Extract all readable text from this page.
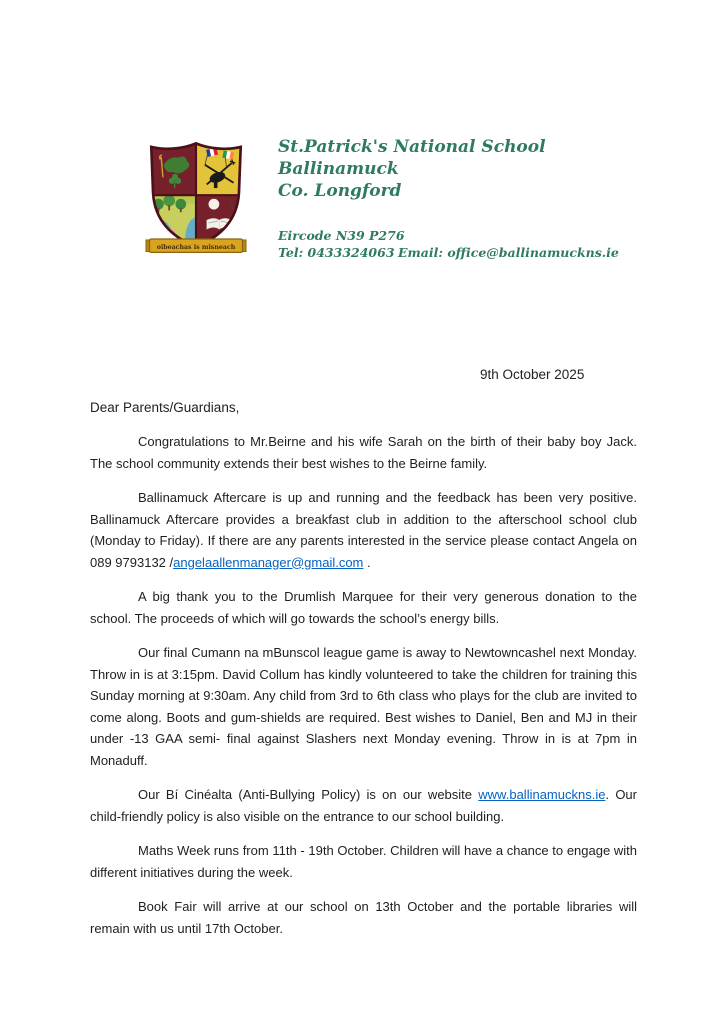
oibeachas is misneach
St.Patrick's National School
Ballinamuck
Co. Longford
Eircode N39 P276
Tel: 0433324063 Email: office@ballinamuckns.ie
9th October 2025
Dear Parents/Guardians,

Congratulations to Mr.Beirne and his wife Sarah on the birth of their baby boy Jack. The school community extends their best wishes to the Beirne family.

Ballinamuck Aftercare is up and running and the feedback has been very positive. Ballinamuck Aftercare provides a breakfast club in addition to the afterschool school club (Monday to Friday). If there are any parents interested in the service please contact Angela on 089 9793132 /angelaallenmanager@gmail.com .

A big thank you to the Drumlish Marquee for their very generous donation to the school. The proceeds of which will go towards the school’s energy bills.

Our final Cumann na mBunscol league game is away to Newtowncashel next Monday. Throw in is at 3:15pm. David Collum has kindly volunteered to take the children for training this Sunday morning at 9:30am. Any child from 3rd to 6th class who plays for the club are invited to come along. Boots and gum-shields are required. Best wishes to Daniel, Ben and MJ in their under -13 GAA semi- final against Slashers next Monday evening. Throw in is at 7pm in Monaduff.

Our Bí Cinéalta (Anti-Bullying Policy) is on our website www.ballinamuckns.ie. Our child-friendly policy is also visible on the entrance to our school building.

Maths Week runs from 11th - 19th October. Children will have a chance to engage with different initiatives during the week.

Book Fair will arrive at our school on 13th October and the portable libraries will remain with us until 17th October.
